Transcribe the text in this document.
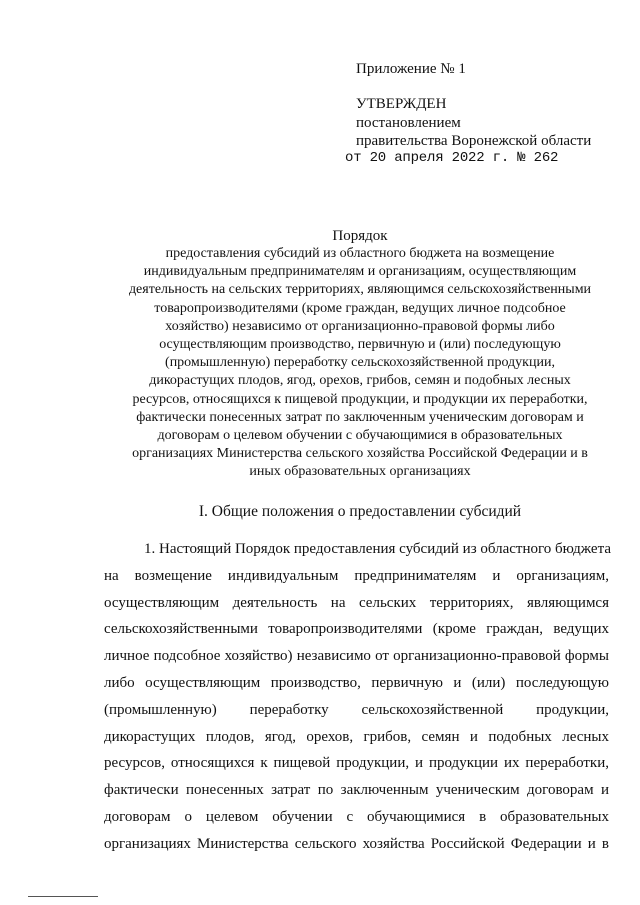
Приложение № 1
УТВЕРЖДЕН
постановлением
правительства Воронежской области
от 20 апреля 2022 г. № 262
Порядок
предоставления субсидий из областного бюджета на возмещение
индивидуальным предпринимателям и организациям, осуществляющим
деятельность на сельских территориях, являющимся сельскохозяйственными
товаропроизводителями (кроме граждан, ведущих личное подсобное
хозяйство) независимо от организационно-правовой формы либо
осуществляющим производство, первичную и (или) последующую
(промышленную) переработку сельскохозяйственной продукции,
дикорастущих плодов, ягод, орехов, грибов, семян и подобных лесных
ресурсов, относящихся к пищевой продукции, и продукции их переработки,
фактически понесенных затрат по заключенным ученическим договорам и
договорам о целевом обучении с обучающимися в образовательных
организациях Министерства сельского хозяйства Российской Федерации и в
иных образовательных организациях
I. Общие положения о предоставлении субсидий
1. Настоящий Порядок предоставления субсидий из областного бюджета
на возмещение индивидуальным предпринимателям и организациям,
осуществляющим деятельность на сельских территориях, являющимся
сельскохозяйственными товаропроизводителями (кроме граждан, ведущих
личное подсобное хозяйство) независимо от организационно-правовой формы
либо осуществляющим производство, первичную и (или) последующую
(промышленную) переработку сельскохозяйственной продукции,
дикорастущих плодов, ягод, орехов, грибов, семян и подобных лесных
ресурсов, относящихся к пищевой продукции, и продукции их переработки,
фактически понесенных затрат по заключенным ученическим договорам и
договорам о целевом обучении с обучающимися в образовательных
организациях Министерства сельского хозяйства Российской Федерации и в
